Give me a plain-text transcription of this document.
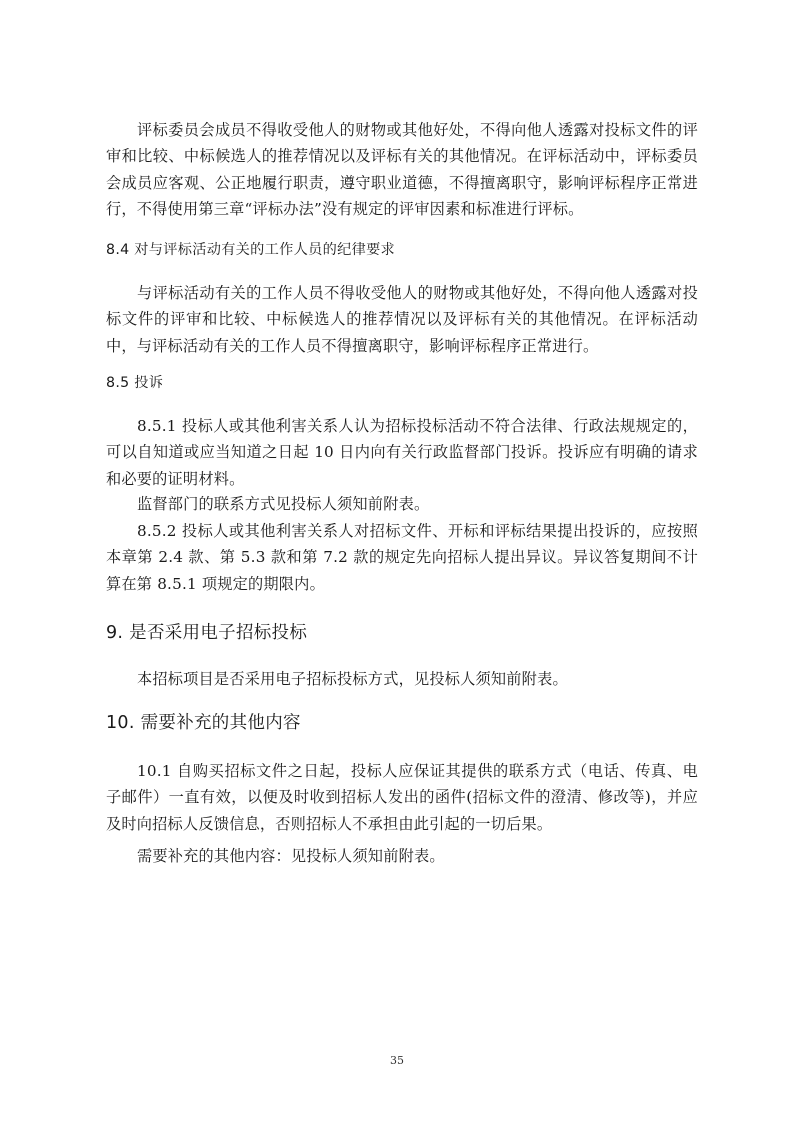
评标委员会成员不得收受他人的财物或其他好处，不得向他人透露对投标文件的评审和比较、中标候选人的推荐情况以及评标有关的其他情况。在评标活动中，评标委员会成员应客观、公正地履行职责，遵守职业道德，不得擅离职守，影响评标程序正常进行，不得使用第三章“评标办法”没有规定的评审因素和标准进行评标。

8.4 对与评标活动有关的工作人员的纪律要求

与评标活动有关的工作人员不得收受他人的财物或其他好处，不得向他人透露对投标文件的评审和比较、中标候选人的推荐情况以及评标有关的其他情况。在评标活动中，与评标活动有关的工作人员不得擅离职守，影响评标程序正常进行。

8.5 投诉

8.5.1 投标人或其他利害关系人认为招标投标活动不符合法律、行政法规规定的，可以自知道或应当知道之日起 10 日内向有关行政监督部门投诉。投诉应有明确的请求和必要的证明材料。

监督部门的联系方式见投标人须知前附表。

8.5.2 投标人或其他利害关系人对招标文件、开标和评标结果提出投诉的，应按照本章第 2.4 款、第 5.3 款和第 7.2 款的规定先向招标人提出异议。异议答复期间不计算在第 8.5.1 项规定的期限内。

9. 是否采用电子招标投标

本招标项目是否采用电子招标投标方式，见投标人须知前附表。

10. 需要补充的其他内容

10.1 自购买招标文件之日起，投标人应保证其提供的联系方式（电话、传真、电子邮件）一直有效，以便及时收到招标人发出的函件(招标文件的澄清、修改等)，并应及时向招标人反馈信息，否则招标人不承担由此引起的一切后果。

需要补充的其他内容：见投标人须知前附表。

35
